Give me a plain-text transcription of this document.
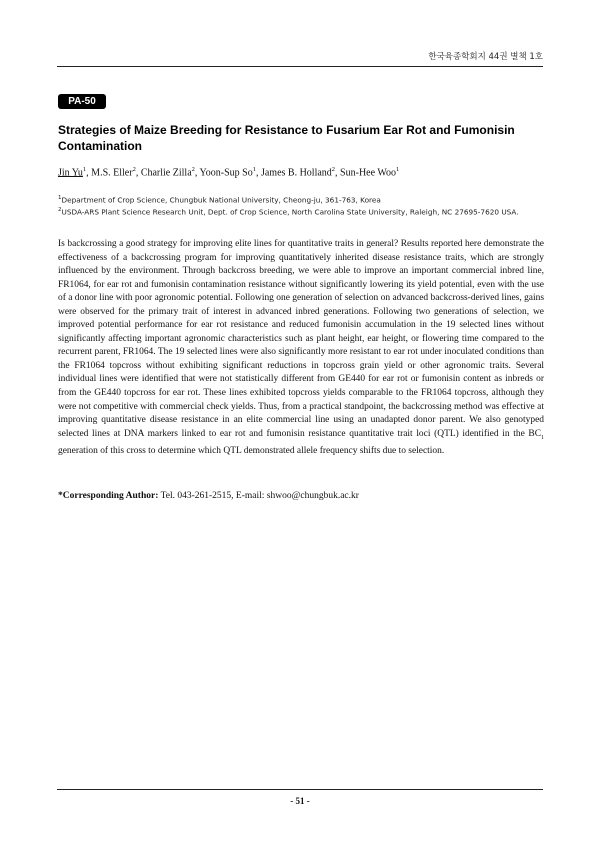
한국육종학회지 44권 별책 1호
PA-50
Strategies of Maize Breeding for Resistance to Fusarium Ear Rot and Fumonisin Contamination
Jin Yu$^1$, M.S. Eller$^2$, Charlie Zilla$^2$, Yoon-Sup So$^1$, James B. Holland$^2$, Sun-Hee Woo$^1$
$^1$Department of Crop Science, Chungbuk National University, Cheong-ju, 361-763, Korea
$^2$USDA-ARS Plant Science Research Unit, Dept. of Crop Science, North Carolina State University, Raleigh, NC 27695-7620 USA.

Is backcrossing a good strategy for improving elite lines for quantitative traits in general? Results reported here demonstrate the effectiveness of a backcrossing program for improving quantitatively inherited disease resistance traits, which are strongly influenced by the environment. Through backcross breeding, we were able to improve an important commercial inbred line, FR1064, for ear rot and fumonisin contamination resistance without significantly lowering its yield potential, even with the use of a donor line with poor agronomic potential. Following one generation of selection on advanced backcross-derived lines, gains were observed for the primary trait of interest in advanced inbred generations. Following two generations of selection, we improved potential performance for ear rot resistance and reduced fumonisin accumulation in the 19 selected lines without significantly affecting important agronomic characteristics such as plant height, ear height, or flowering time compared to the recurrent parent, FR1064. The 19 selected lines were also significantly more resistant to ear rot under inoculated conditions than the FR1064 topcross without exhibiting significant reductions in topcross grain yield or other agronomic traits. Several individual lines were identified that were not statistically different from GE440 for ear rot or fumonisin content as inbreds or from the GE440 topcross for ear rot. These lines exhibited topcross yields comparable to the FR1064 topcross, although they were not competitive with commercial check yields. Thus, from a practical standpoint, the backcrossing method was effective at improving quantitative disease resistance in an elite commercial line using an unadapted donor parent. We also genotyped selected lines at DNA markers linked to ear rot and fumonisin resistance quantitative trait loci (QTL) identified in the $BC_1$ generation of this cross to determine which QTL demonstrated allele frequency shifts due to selection.

*Corresponding Author: Tel. 043-261-2515, E-mail: shwoo@chungbuk.ac.kr
- 51 -
